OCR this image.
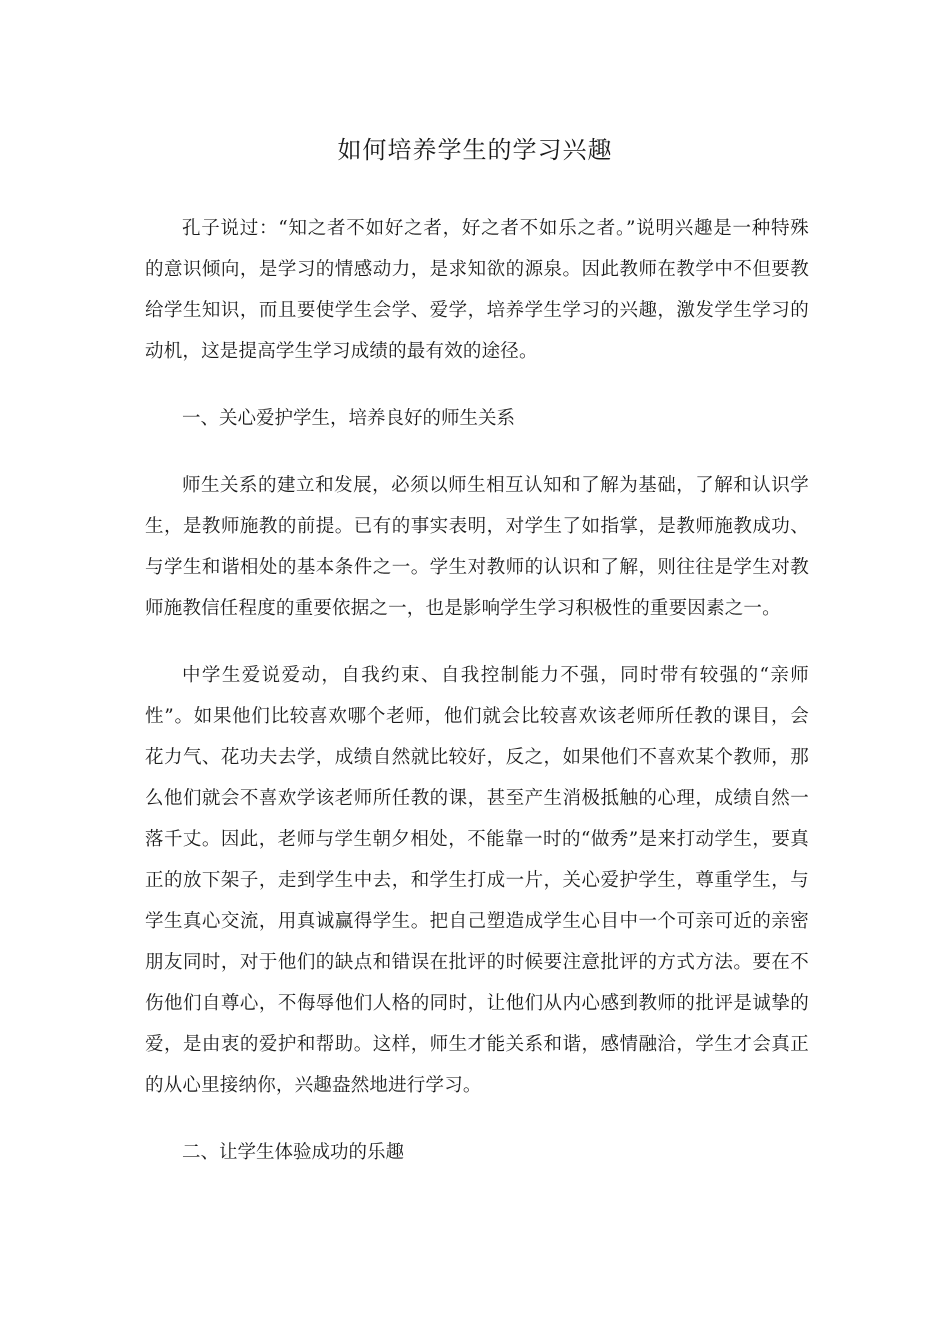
如何培养学生的学习兴趣

孔子说过：“知之者不如好之者，好之者不如乐之者。”说明兴趣是一种特殊的意识倾向，是学习的情感动力，是求知欲的源泉。因此教师在教学中不但要教给学生知识，而且要使学生会学、爱学，培养学生学习的兴趣，激发学生学习的动机，这是提高学生学习成绩的最有效的途径。

一、关心爱护学生，培养良好的师生关系

师生关系的建立和发展，必须以师生相互认知和了解为基础，了解和认识学生，是教师施教的前提。已有的事实表明，对学生了如指掌，是教师施教成功、与学生和谐相处的基本条件之一。学生对教师的认识和了解，则往往是学生对教师施教信任程度的重要依据之一，也是影响学生学习积极性的重要因素之一。

中学生爱说爱动，自我约束、自我控制能力不强，同时带有较强的“亲师性”。如果他们比较喜欢哪个老师，他们就会比较喜欢该老师所任教的课目，会花力气、花功夫去学，成绩自然就比较好，反之，如果他们不喜欢某个教师，那么他们就会不喜欢学该老师所任教的课，甚至产生消极抵触的心理，成绩自然一落千丈。因此，老师与学生朝夕相处，不能靠一时的“做秀”是来打动学生，要真正的放下架子，走到学生中去，和学生打成一片，关心爱护学生，尊重学生，与学生真心交流，用真诚赢得学生。把自己塑造成学生心目中一个可亲可近的亲密朋友同时，对于他们的缺点和错误在批评的时候要注意批评的方式方法。要在不伤他们自尊心，不侮辱他们人格的同时，让他们从内心感到教师的批评是诚挚的爱，是由衷的爱护和帮助。这样，师生才能关系和谐，感情融洽，学生才会真正的从心里接纳你，兴趣盎然地进行学习。

二、让学生体验成功的乐趣
